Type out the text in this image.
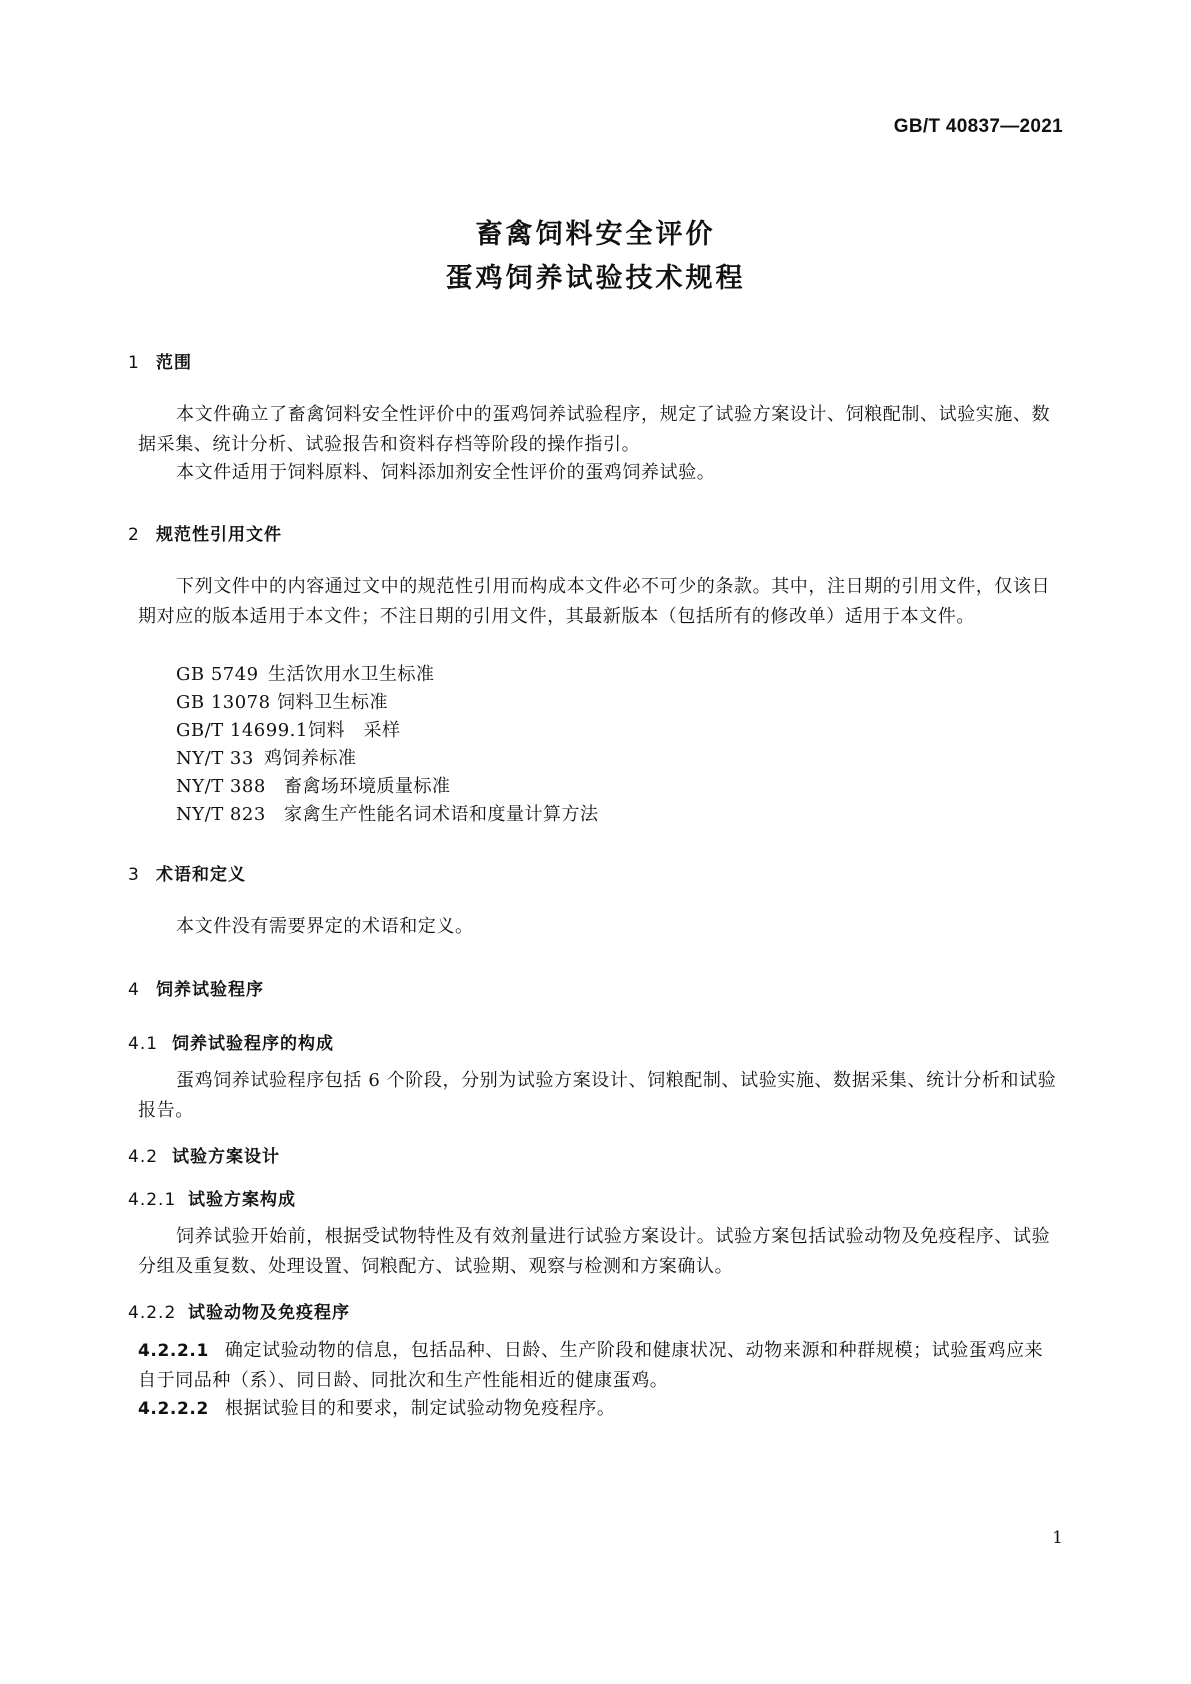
GB/T 40837—2021
畜禽饲料安全评价
蛋鸡饲养试验技术规程
1 范围
本文件确立了畜禽饲料安全性评价中的蛋鸡饲养试验程序，规定了试验方案设计、饲粮配制、试验实施、数据采集、统计分析、试验报告和资料存档等阶段的操作指引。
本文件适用于饲料原料、饲料添加剂安全性评价的蛋鸡饲养试验。
2 规范性引用文件
下列文件中的内容通过文中的规范性引用而构成本文件必不可少的条款。其中，注日期的引用文件，仅该日期对应的版本适用于本文件；不注日期的引用文件，其最新版本（包括所有的修改单）适用于本文件。
GB 5749 生活饮用水卫生标准
GB 13078 饲料卫生标准
GB/T 14699.1饲料　采样
NY/T 33 鸡饲养标准
NY/T 388 畜禽场环境质量标准
NY/T 823 家禽生产性能名词术语和度量计算方法
3 术语和定义
本文件没有需要界定的术语和定义。
4 饲养试验程序
4.1 饲养试验程序的构成
蛋鸡饲养试验程序包括 6 个阶段，分别为试验方案设计、饲粮配制、试验实施、数据采集、统计分析和试验报告。
4.2 试验方案设计
4.2.1 试验方案构成
饲养试验开始前，根据受试物特性及有效剂量进行试验方案设计。试验方案包括试验动物及免疫程序、试验分组及重复数、处理设置、饲粮配方、试验期、观察与检测和方案确认。
4.2.2 试验动物及免疫程序
4.2.2.1 确定试验动物的信息，包括品种、日龄、生产阶段和健康状况、动物来源和种群规模；试验蛋鸡应来自于同品种（系）、同日龄、同批次和生产性能相近的健康蛋鸡。
4.2.2.2 根据试验目的和要求，制定试验动物免疫程序。
1
